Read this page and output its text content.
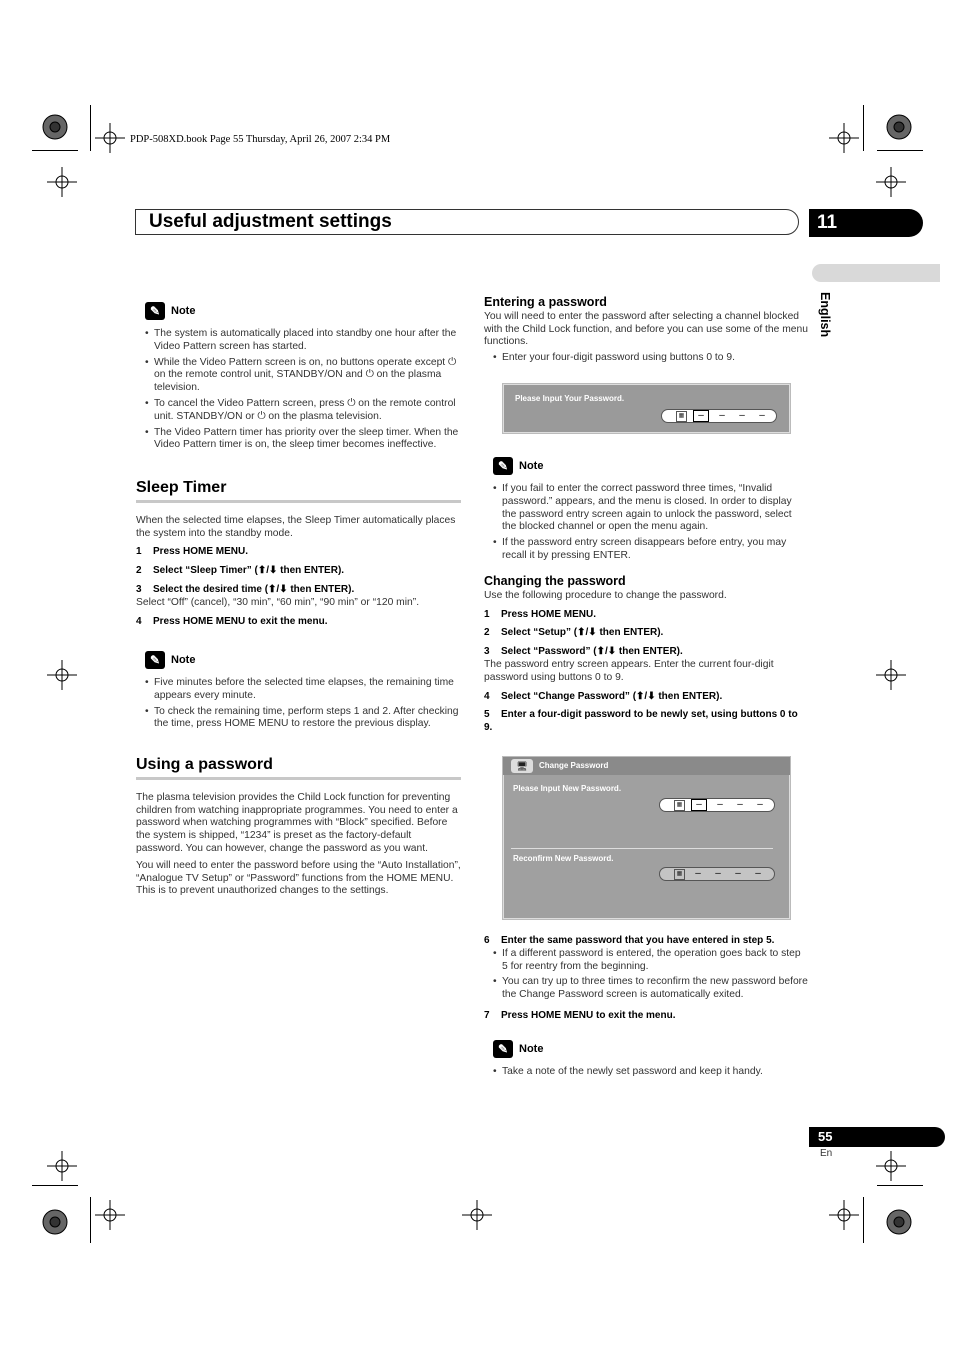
PDP-508XD.book Page 55 Thursday, April 26, 2007 2:34 PM
Useful adjustment settings	11
English
✎ Note
• The system is automatically placed into standby one hour after the Video Pattern screen has started.
• While the Video Pattern screen is on, no buttons operate except ⏻ on the remote control unit, STANDBY/ON and ⏻ on the plasma television.
• To cancel the Video Pattern screen, press ⏻ on the remote control unit. STANDBY/ON or ⏻ on the plasma television.
• The Video Pattern timer has priority over the sleep timer. When the Video Pattern timer is on, the sleep timer becomes ineffective.
Sleep Timer

When the selected time elapses, the Sleep Timer automatically places the system into the standby mode.

1 Press HOME MENU.
2 Select “Sleep Timer” (⬆/⬇ then ENTER).
3 Select the desired time (⬆/⬇ then ENTER).

Select “Off” (cancel), “30 min”, “60 min”, “90 min” or “120 min”.

4 Press HOME MENU to exit the menu.
✎ Note
• Five minutes before the selected time elapses, the remaining time appears every minute.
• To check the remaining time, perform steps 1 and 2. After checking the time, press HOME MENU to restore the previous display.
Using a password

The plasma television provides the Child Lock function for preventing children from watching inappropriate programmes. You need to enter a password when watching programmes with “Block” specified. Before the system is shipped, “1234” is preset as the factory-default password. You can however, change the password as you want.

You will need to enter the password before using the “Auto Installation”, “Analogue TV Setup” or “Password” functions from the HOME MENU. This is to prevent unauthorized changes to the settings.

Entering a password

You will need to enter the password after selecting a channel blocked with the Child Lock function, and before you can use some of the menu functions.

• Enter your four-digit password using buttons 0 to 9.
Please Input Your Password.
▦	–	–	–	–
✎ Note
• If you fail to enter the correct password three times, “Invalid password.” appears, and the menu is closed. In order to display the password entry screen again to unlock the password, select the blocked channel or open the menu again.
• If the password entry screen disappears before entry, you may recall it by pressing ENTER.
Changing the password

Use the following procedure to change the password.

1 Press HOME MENU.
2 Select “Setup” (⬆/⬇ then ENTER).
3 Select “Password” (⬆/⬇ then ENTER).

The password entry screen appears. Enter the current four-digit password using buttons 0 to 9.

4 Select “Change Password” (⬆/⬇ then ENTER).
5 Enter a four-digit password to be newly set, using buttons 0 to 9.
🖥	Change Password
Please Input New Password.
▦	–	–	–	–
Reconfirm New Password.
▦	–	–	–	–
6 Enter the same password that you have entered in step 5.
• If a different password is entered, the operation goes back to step 5 for reentry from the beginning.
• You can try up to three times to reconfirm the new password before the Change Password screen is automatically exited.
7 Press HOME MENU to exit the menu.
✎ Note
• Take a note of the newly set password and keep it handy.
55
En
